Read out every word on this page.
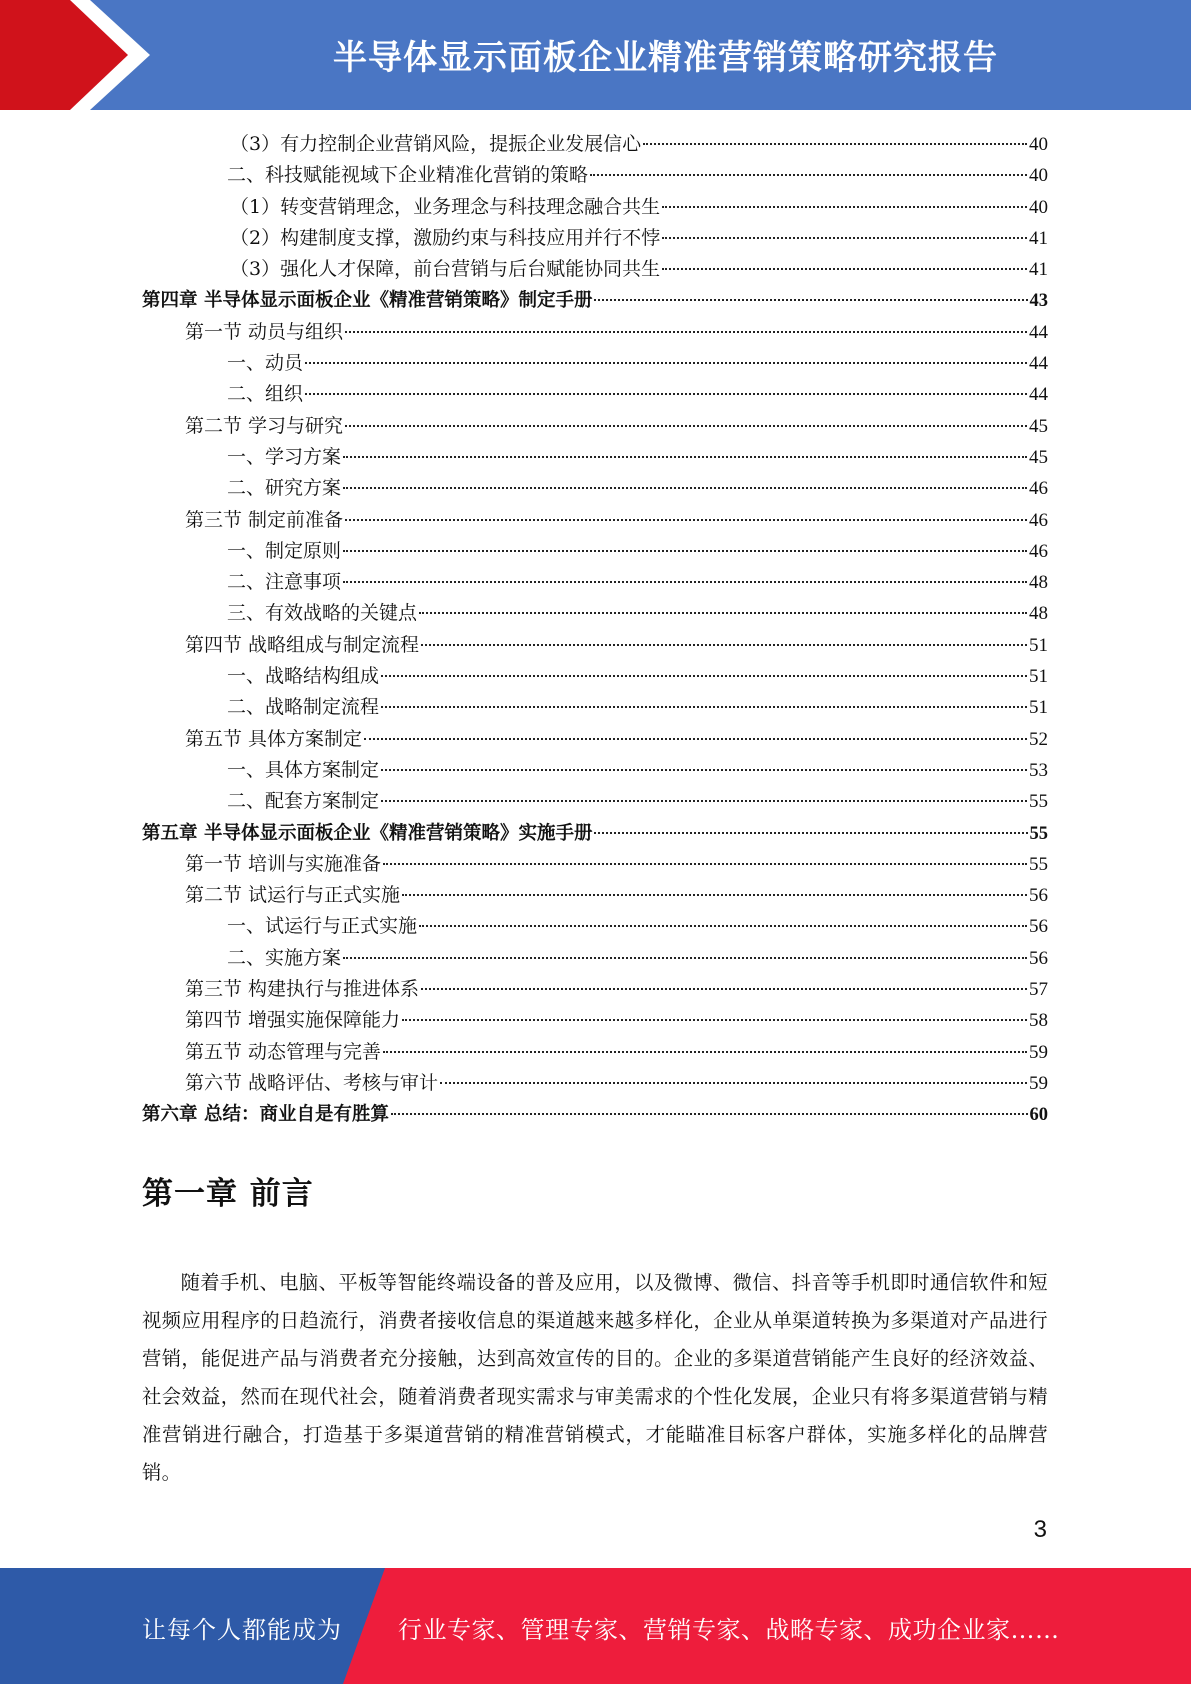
半导体显示面板企业精准营销策略研究报告
（3）有力控制企业营销风险，提振企业发展信心	40
二、科技赋能视域下企业精准化营销的策略	40
（1）转变营销理念，业务理念与科技理念融合共生	40
（2）构建制度支撑，激励约束与科技应用并行不悖	41
（3）强化人才保障，前台营销与后台赋能协同共生	41
第四章 半导体显示面板企业《精准营销策略》制定手册	43
第一节 动员与组织	44
一、动员	44
二、组织	44
第二节 学习与研究	45
一、学习方案	45
二、研究方案	46
第三节 制定前准备	46
一、制定原则	46
二、注意事项	48
三、有效战略的关键点	48
第四节 战略组成与制定流程	51
一、战略结构组成	51
二、战略制定流程	51
第五节 具体方案制定	52
一、具体方案制定	53
二、配套方案制定	55
第五章 半导体显示面板企业《精准营销策略》实施手册	55
第一节 培训与实施准备	55
第二节 试运行与正式实施	56
一、试运行与正式实施	56
二、实施方案	56
第三节 构建执行与推进体系	57
第四节 增强实施保障能力	58
第五节 动态管理与完善	59
第六节 战略评估、考核与审计	59
第六章 总结：商业自是有胜算	60
第一章 前言
随着手机、电脑、平板等智能终端设备的普及应用，以及微博、微信、抖音等手机即时通信软件和短视频应用程序的日趋流行，消费者接收信息的渠道越来越多样化，企业从单渠道转换为多渠道对产品进行营销，能促进产品与消费者充分接触，达到高效宣传的目的。企业的多渠道营销能产生良好的经济效益、社会效益，然而在现代社会，随着消费者现实需求与审美需求的个性化发展，企业只有将多渠道营销与精准营销进行融合，打造基于多渠道营销的精准营销模式，才能瞄准目标客户群体，实施多样化的品牌营销。
3
让每个人都能成为 行业专家、管理专家、营销专家、战略专家、成功企业家……
